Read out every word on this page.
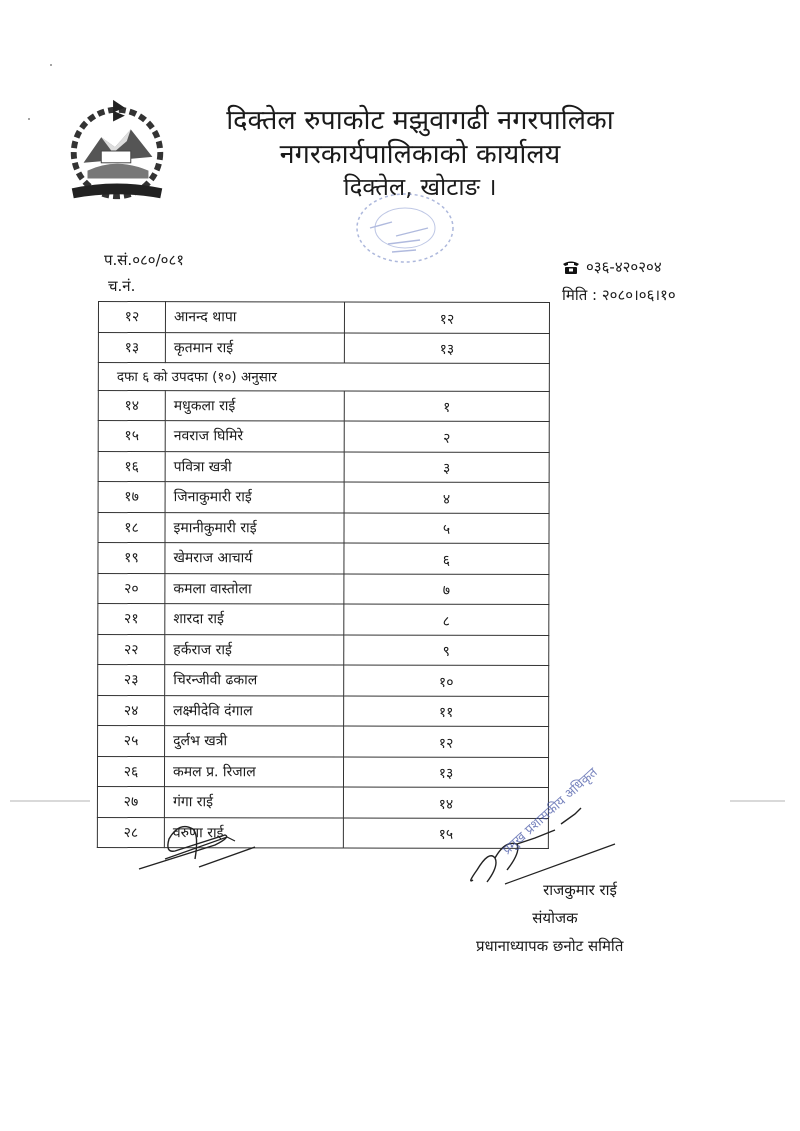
दिक्तेल रुपाकोट मझुवागढी नगरपालिका
नगरकार्यपालिकाको कार्यालय
दिक्तेल, खोटाङ ।
प.सं.०८०/०८१
च.नं.
०३६-४२०२०४
मिति : २०८०।०६।१०
१२	आनन्द थापा	१२
१३	कृतमान राई	१३
दफा ६ को उपदफा (१०) अनुसार		
१४	मधुकला राई	१
१५	नवराज घिमिरे	२
१६	पवित्रा खत्री	३
१७	जिनाकुमारी राई	४
१८	इमानीकुमारी राई	५
१९	खेमराज आचार्य	६
२०	कमला वास्तोला	७
२१	शारदा राई	८
२२	हर्कराज राई	९
२३	चिरन्जीवी ढकाल	१०
२४	लक्ष्मीदेवि दंगाल	११
२५	दुर्लभ खत्री	१२
२६	कमल प्र. रिजाल	१३
२७	गंगा राई	१४
२८	वरुणा राई	१५	प्रमुख प्रशासकीय अधिकृत
राजकुमार राई
संयोजक
प्रधानाध्यापक छनोट समिति
